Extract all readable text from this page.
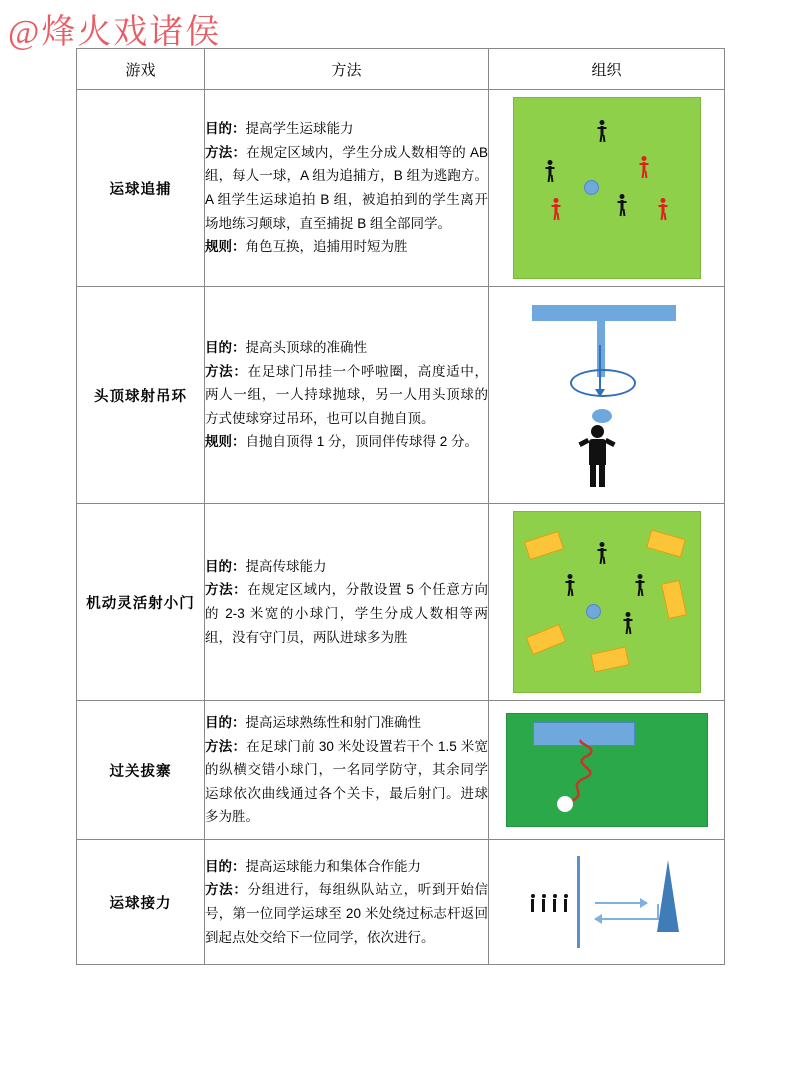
@烽火戏诸侯
游戏	方法	组织
运球追捕	目的：提高学生运球能力
方法：在规定区域内，学生分成人数相等的 AB 组，每人一球，A 组为追捕方，B 组为逃跑方。A 组学生运球追拍 B 组，被追拍到的学生离开场地练习颠球，直至捕捉 B 组全部同学。
规则：角色互换，追捕用时短为胜	

头顶球射吊环	目的：提高头顶球的准确性
方法：在足球门吊挂一个呼啦圈，高度适中，两人一组，一人持球抛球，另一人用头顶球的方式使球穿过吊环，也可以自抛自顶。
规则：自抛自顶得 1 分，顶同伴传球得 2 分。	

机动灵活射小门	目的：提高传球能力
方法：在规定区域内，分散设置 5 个任意方向的 2-3 米宽的小球门，学生分成人数相等两组，没有守门员，两队进球多为胜	

过关拔寨	目的：提高运球熟练性和射门准确性
方法：在足球门前 30 米处设置若干个 1.5 米宽的纵横交错小球门，一名同学防守，其余同学运球依次曲线通过各个关卡，最后射门。进球多为胜。

运球接力	目的：提高运球能力和集体合作能力
方法：分组进行，每组纵队站立，听到开始信号，第一位同学运球至 20 米处绕过标志杆返回到起点处交给下一位同学，依次进行。	
